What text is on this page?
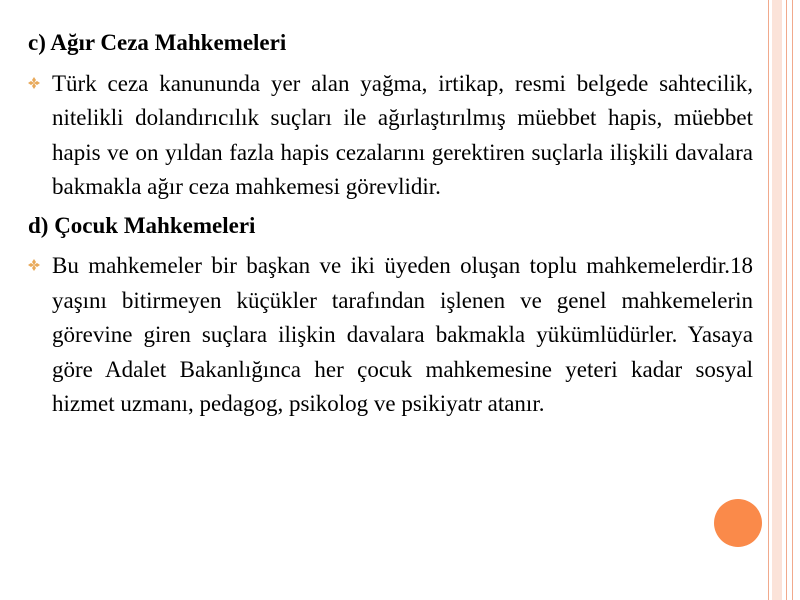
c) Ağır Ceza Mahkemeleri

Türk ceza kanununda yer alan yağma, irtikap, resmi belgede sahtecilik, nitelikli dolandırıcılık suçları ile ağırlaştırılmış müebbet hapis, müebbet hapis ve on yıldan fazla hapis cezalarını gerektiren suçlarla ilişkili davalara bakmakla ağır ceza mahkemesi görevlidir.

d) Çocuk Mahkemeleri

Bu mahkemeler bir başkan ve iki üyeden oluşan toplu mahkemelerdir.18 yaşını bitirmeyen küçükler tarafından işlenen ve genel mahkemelerin görevine giren suçlara ilişkin davalara bakmakla yükümlüdürler. Yasaya göre Adalet Bakanlığınca her çocuk mahkemesine yeteri kadar sosyal hizmet uzmanı, pedagog, psikolog ve psikiyatr atanır.
